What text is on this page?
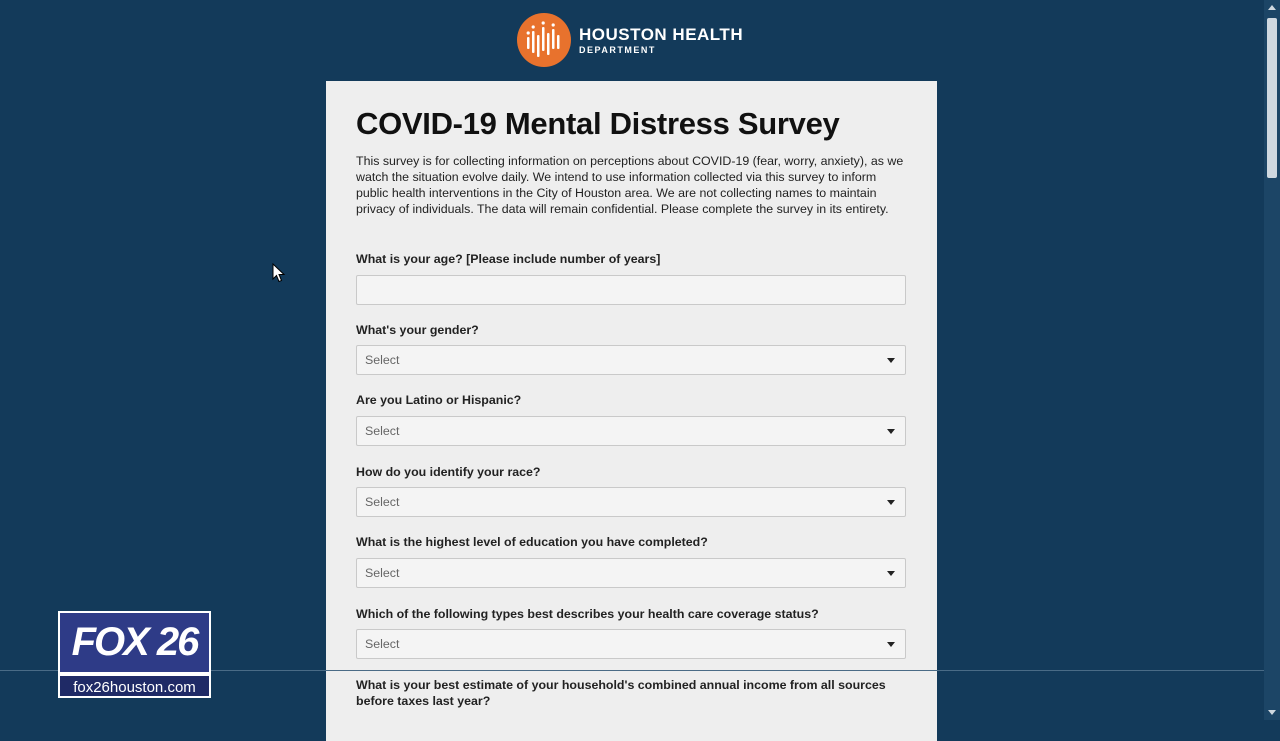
HOUSTON HEALTH
DEPARTMENT
COVID-19 Mental Distress Survey

This survey is for collecting information on perceptions about COVID-19 (fear, worry, anxiety), as we watch the situation evolve daily. We intend to use information collected via this survey to inform public health interventions in the City of Houston area. We are not collecting names to maintain privacy of individuals. The data will remain confidential. Please complete the survey in its entirety.

What is your age? [Please include number of years]

What's your gender?

Select

Are you Latino or Hispanic?

Select

How do you identify your race?

Select

What is the highest level of education you have completed?

Select

Which of the following types best describes your health care coverage status?

Select

What is your best estimate of your household's combined annual income from all sources before taxes last year?

FOX 26
fox26houston.com
